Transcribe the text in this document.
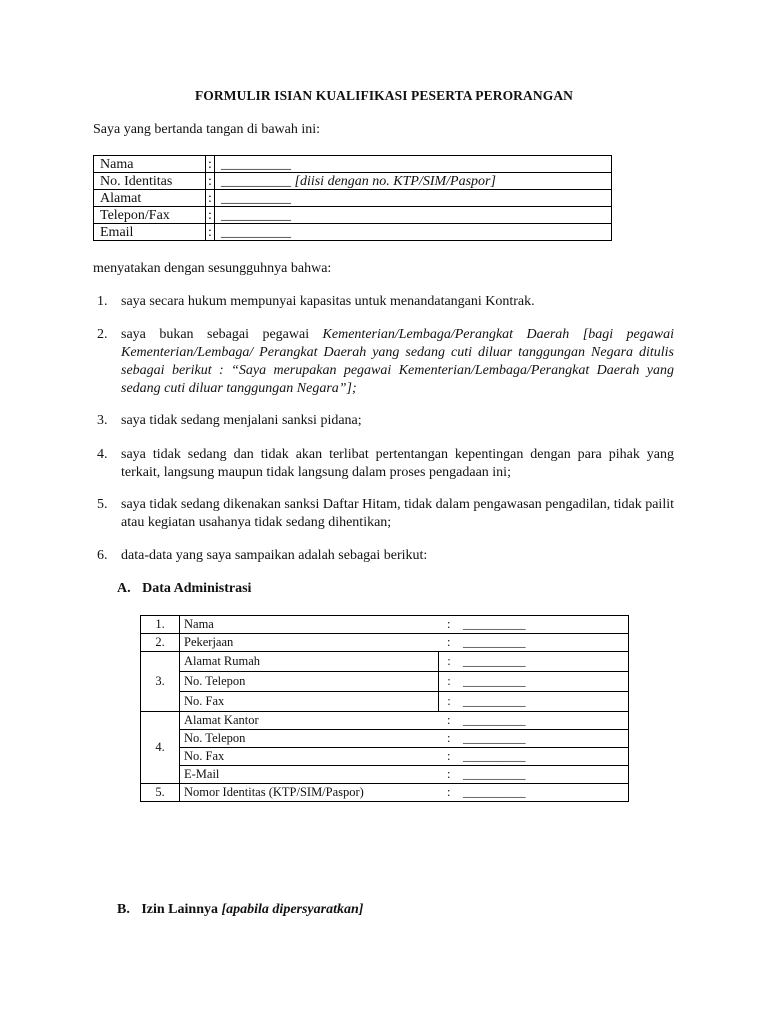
FORMULIR ISIAN KUALIFIKASI PESERTA PERORANGAN
Saya yang bertanda tangan di bawah ini:
Nama	:	__________
No. Identitas	:	__________ [diisi dengan no. KTP/SIM/Paspor]
Alamat	:	__________
Telepon/Fax	:	__________
Email	:	__________
menyatakan dengan sesungguhnya bahwa:
1. saya secara hukum mempunyai kapasitas untuk menandatangani Kontrak.
2. saya bukan sebagai pegawai Kementerian/Lembaga/Perangkat Daerah [bagi pegawai Kementerian/Lembaga/ Perangkat Daerah yang sedang cuti diluar tanggungan Negara ditulis sebagai berikut : “Saya merupakan pegawai Kementerian/Lembaga/Perangkat Daerah yang sedang cuti diluar tanggungan Negara”];
3. saya tidak sedang menjalani sanksi pidana;
4. saya tidak sedang dan tidak akan terlibat pertentangan kepentingan dengan para pihak yang terkait, langsung maupun tidak langsung dalam proses pengadaan ini;
5. saya tidak sedang dikenakan sanksi Daftar Hitam, tidak dalam pengawasan pengadilan, tidak pailit atau kegiatan usahanya tidak sedang dihentikan;
6. data-data yang saya sampaikan adalah sebagai berikut:
A. Data Administrasi
1.	Nama	:	__________
2.	Pekerjaan	:	__________
3.	Alamat Rumah	:	__________
	No. Telepon	:	__________
	No. Fax	:	__________
4.	Alamat Kantor	:	__________
	No. Telepon	:	__________
	No. Fax	:	__________
	E-Mail	:	__________
5.	Nomor Identitas (KTP/SIM/Paspor)	:	__________
B. Izin Lainnya [apabila dipersyaratkan]
